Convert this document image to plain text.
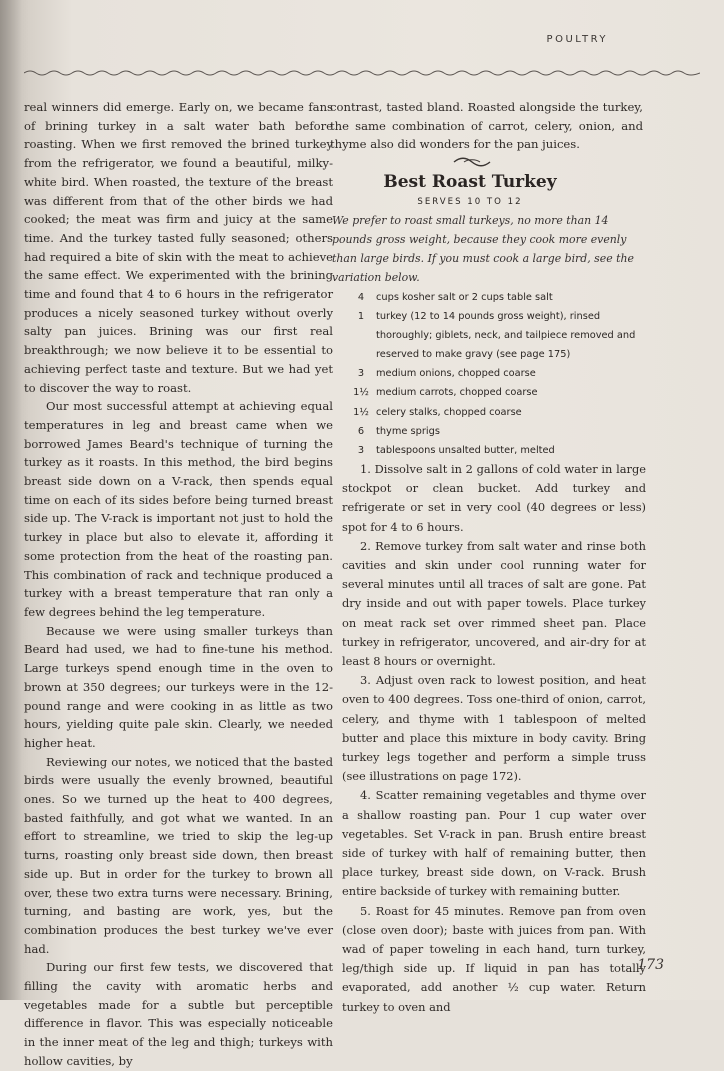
POULTRY

real winners did emerge. Early on, we became fans of brining turkey in a salt water bath before roasting. When we first removed the brined turkey from the refrigerator, we found a beautiful, milky-white bird. When roasted, the texture of the breast was different from that of the other birds we had cooked; the meat was firm and juicy at the same time. And the turkey tasted fully seasoned; others had required a bite of skin with the meat to achieve the same effect. We experimented with the brining time and found that 4 to 6 hours in the refrigerator produces a nicely seasoned turkey without overly salty pan juices. Brining was our first real breakthrough; we now believe it to be essential to achieving perfect taste and texture. But we had yet to discover the way to roast.

Our most successful attempt at achieving equal temperatures in leg and breast came when we borrowed James Beard's technique of turning the turkey as it roasts. In this method, the bird begins breast side down on a V-rack, then spends equal time on each of its sides before being turned breast side up. The V-rack is important not just to hold the turkey in place but also to elevate it, affording it some protection from the heat of the roasting pan. This combination of rack and technique produced a turkey with a breast temperature that ran only a few degrees behind the leg temperature.

Because we were using smaller turkeys than Beard had used, we had to fine-tune his method. Large turkeys spend enough time in the oven to brown at 350 degrees; our turkeys were in the 12-pound range and were cooking in as little as two hours, yielding quite pale skin. Clearly, we needed higher heat.

Reviewing our notes, we noticed that the basted birds were usually the evenly browned, beautiful ones. So we turned up the heat to 400 degrees, basted faithfully, and got what we wanted. In an effort to streamline, we tried to skip the leg-up turns, roasting only breast side down, then breast side up. But in order for the turkey to brown all over, these two extra turns were necessary. Brining, turning, and basting are work, yes, but the combination produces the best turkey we've ever had.

During our first few tests, we discovered that filling the cavity with aromatic herbs and vegetables made for a subtle but perceptible difference in flavor. This was especially noticeable in the inner meat of the leg and thigh; turkeys with hollow cavities, by

contrast, tasted bland. Roasted alongside the turkey, the same combination of carrot, celery, onion, and thyme also did wonders for the pan juices.

Best Roast Turkey
SERVES 10 TO 12
We prefer to roast small turkeys, no more than 14 pounds gross weight, because they cook more evenly than large birds. If you must cook a large bird, see the variation below.
4	cups kosher salt or 2 cups table salt
1	turkey (12 to 14 pounds gross weight), rinsed thoroughly; giblets, neck, and tailpiece removed and reserved to make gravy (see page 175)
3	medium onions, chopped coarse
1½ medium carrots, chopped coarse
1½ celery stalks, chopped coarse
6	thyme sprigs
3	tablespoons unsalted butter, melted

1. Dissolve salt in 2 gallons of cold water in large stockpot or clean bucket. Add turkey and refrigerate or set in very cool (40 degrees or less) spot for 4 to 6 hours.

2. Remove turkey from salt water and rinse both cavities and skin under cool running water for several minutes until all traces of salt are gone. Pat dry inside and out with paper towels. Place turkey on meat rack set over rimmed sheet pan. Place turkey in refrigerator, uncovered, and air-dry for at least 8 hours or overnight.

3. Adjust oven rack to lowest position, and heat oven to 400 degrees. Toss one-third of onion, carrot, celery, and thyme with 1 tablespoon of melted butter and place this mixture in body cavity. Bring turkey legs together and perform a simple truss (see illustrations on page 172).

4. Scatter remaining vegetables and thyme over a shallow roasting pan. Pour 1 cup water over vegetables. Set V-rack in pan. Brush entire breast side of turkey with half of remaining butter, then place turkey, breast side down, on V-rack. Brush entire backside of turkey with remaining butter.

5. Roast for 45 minutes. Remove pan from oven (close oven door); baste with juices from pan. With wad of paper toweling in each hand, turn turkey, leg/thigh side up. If liquid in pan has totally evaporated, add another ½ cup water. Return turkey to oven and

173
